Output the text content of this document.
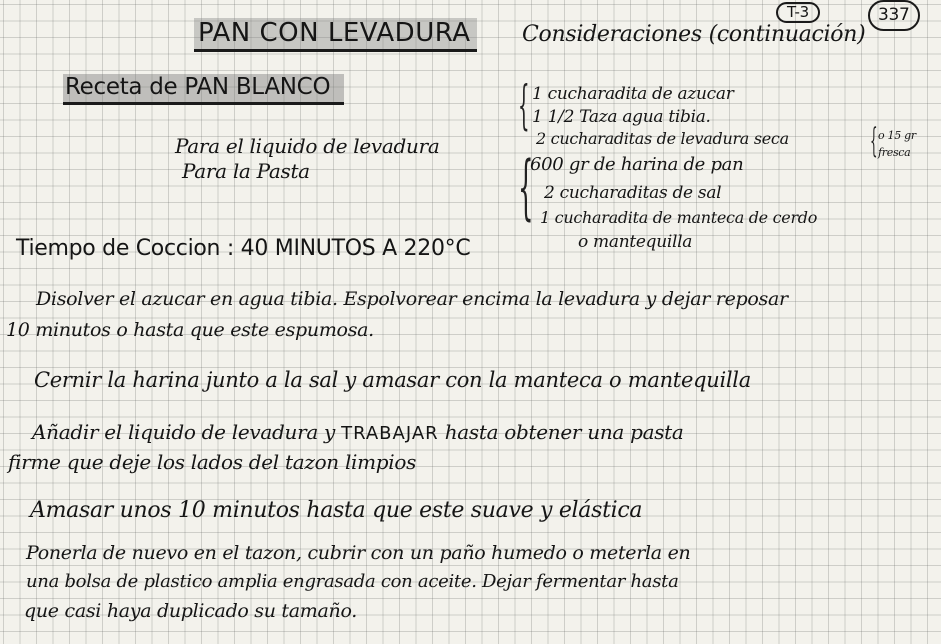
PAN CON LEVADURA Consideraciones (continuación)
T-3	337
Receta de PAN BLANCO
Para el liquido de levadura
Para la Pasta
{
{
{
1 cucharadita de azucar
1 1/2 Taza agua tibia.
2 cucharaditas de levadura seca	o 15 gr fresca
600 gr de harina de pan
2 cucharaditas de sal
1 cucharadita de manteca de cerdo
o mantequilla
Tiempo de Coccion : 40 MINUTOS A 220°C
Disolver el azucar en agua tibia. Espolvorear encima la levadura y dejar reposar
10 minutos o hasta que este espumosa.
Cernir la harina junto a la sal y amasar con la manteca o mantequilla
Añadir el liquido de levadura y TRABAJAR hasta obtener una pasta
firme que deje los lados del tazon limpios
Amasar unos 10 minutos hasta que este suave y elástica
Ponerla de nuevo en el tazon, cubrir con un paño humedo o meterla en
una bolsa de plastico amplia engrasada con aceite. Dejar fermentar hasta
que casi haya duplicado su tamaño.
